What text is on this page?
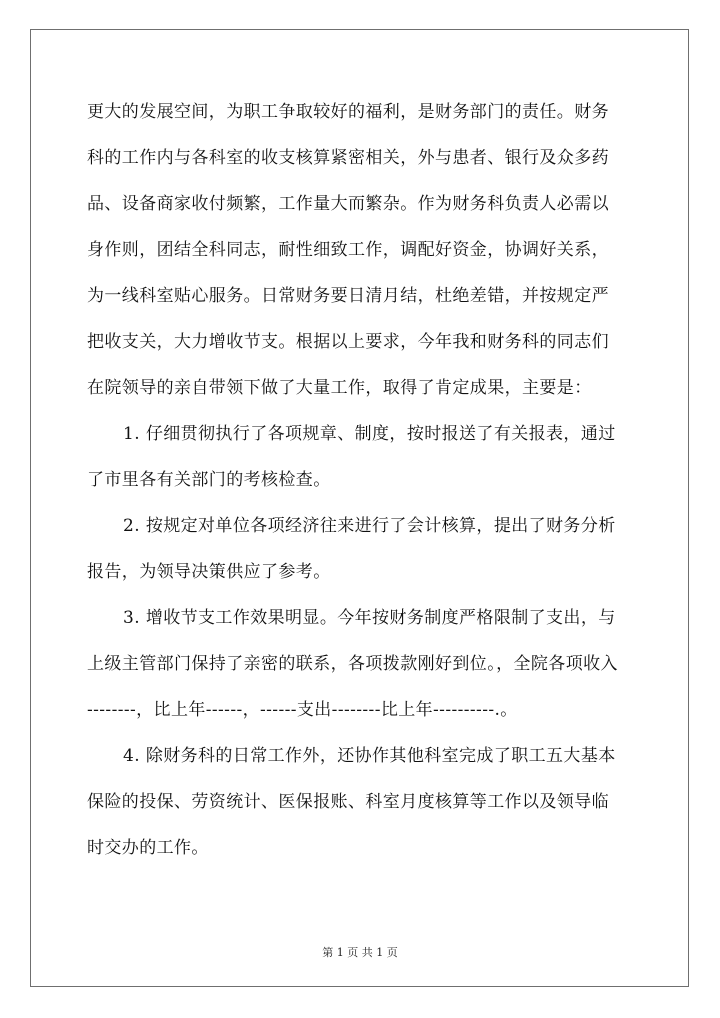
更大的发展空间，为职工争取较好的福利，是财务部门的责任。财务
科的工作内与各科室的收支核算紧密相关，外与患者、银行及众多药
品、设备商家收付频繁，工作量大而繁杂。作为财务科负责人必需以
身作则，团结全科同志，耐性细致工作，调配好资金，协调好关系，
为一线科室贴心服务。日常财务要日清月结，杜绝差错，并按规定严
把收支关，大力增收节支。根据以上要求，今年我和财务科的同志们
在院领导的亲自带领下做了大量工作，取得了肯定成果，主要是：
1. 仔细贯彻执行了各项规章、制度，按时报送了有关报表，通过
了市里各有关部门的考核检查。
2. 按规定对单位各项经济往来进行了会计核算，提出了财务分析
报告，为领导决策供应了参考。
3. 增收节支工作效果明显。今年按财务制度严格限制了支出，与
上级主管部门保持了亲密的联系，各项拨款刚好到位。，全院各项收入
--------，比上年------，------支出--------比上年----------.。
4. 除财务科的日常工作外，还协作其他科室完成了职工五大基本
保险的投保、劳资统计、医保报账、科室月度核算等工作以及领导临
时交办的工作。
第 1 页 共 1 页
